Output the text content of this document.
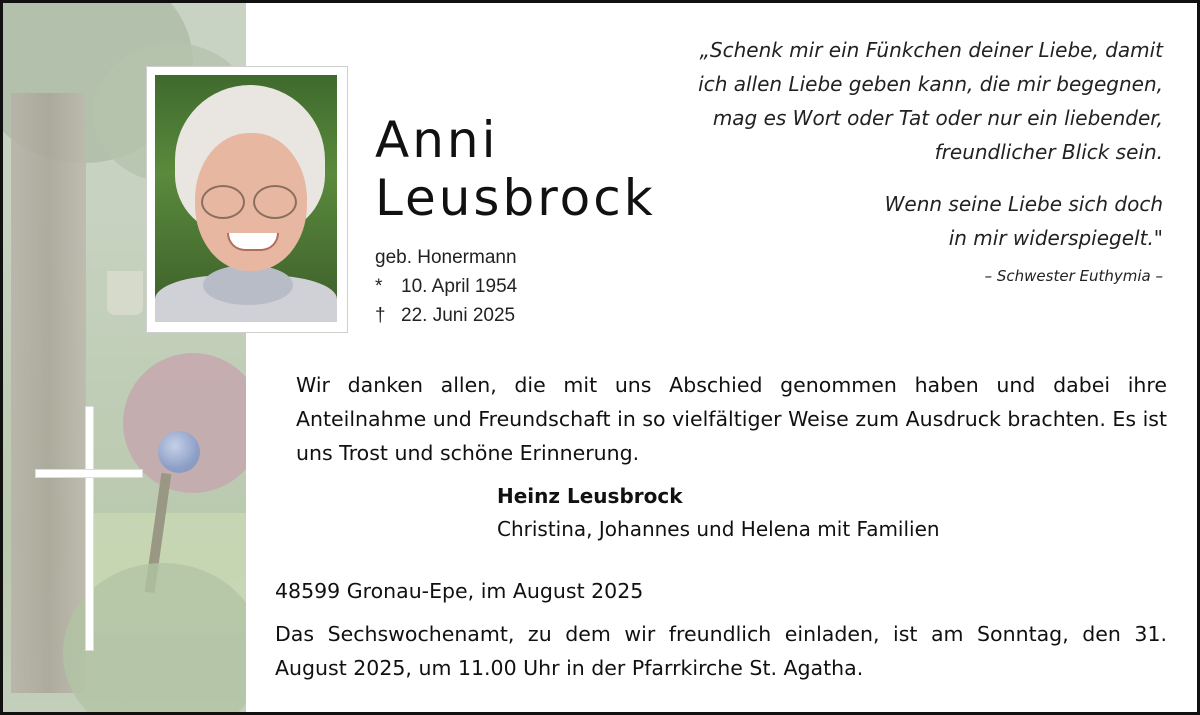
Anni
Leusbrock
geb. Honermann
* 10. April 1954
† 22. Juni 2025
„Schenk mir ein Fünkchen deiner Liebe, damit
ich allen Liebe geben kann, die mir begegnen,
mag es Wort oder Tat oder nur ein liebender,
freundlicher Blick sein.
Wenn seine Liebe sich doch
in mir widerspiegelt."
– Schwester Euthymia –
Wir danken allen, die mit uns Abschied genommen haben und dabei ihre Anteilnahme und Freundschaft in so vielfältiger Weise zum Ausdruck brachten. Es ist uns Trost und schöne Erinnerung.
Heinz Leusbrock
Christina, Johannes und Helena mit Familien
48599 Gronau-Epe, im August 2025
Das Sechswochenamt, zu dem wir freundlich einladen, ist am Sonntag, den 31. August 2025, um 11.00 Uhr in der Pfarrkirche St. Agatha.
